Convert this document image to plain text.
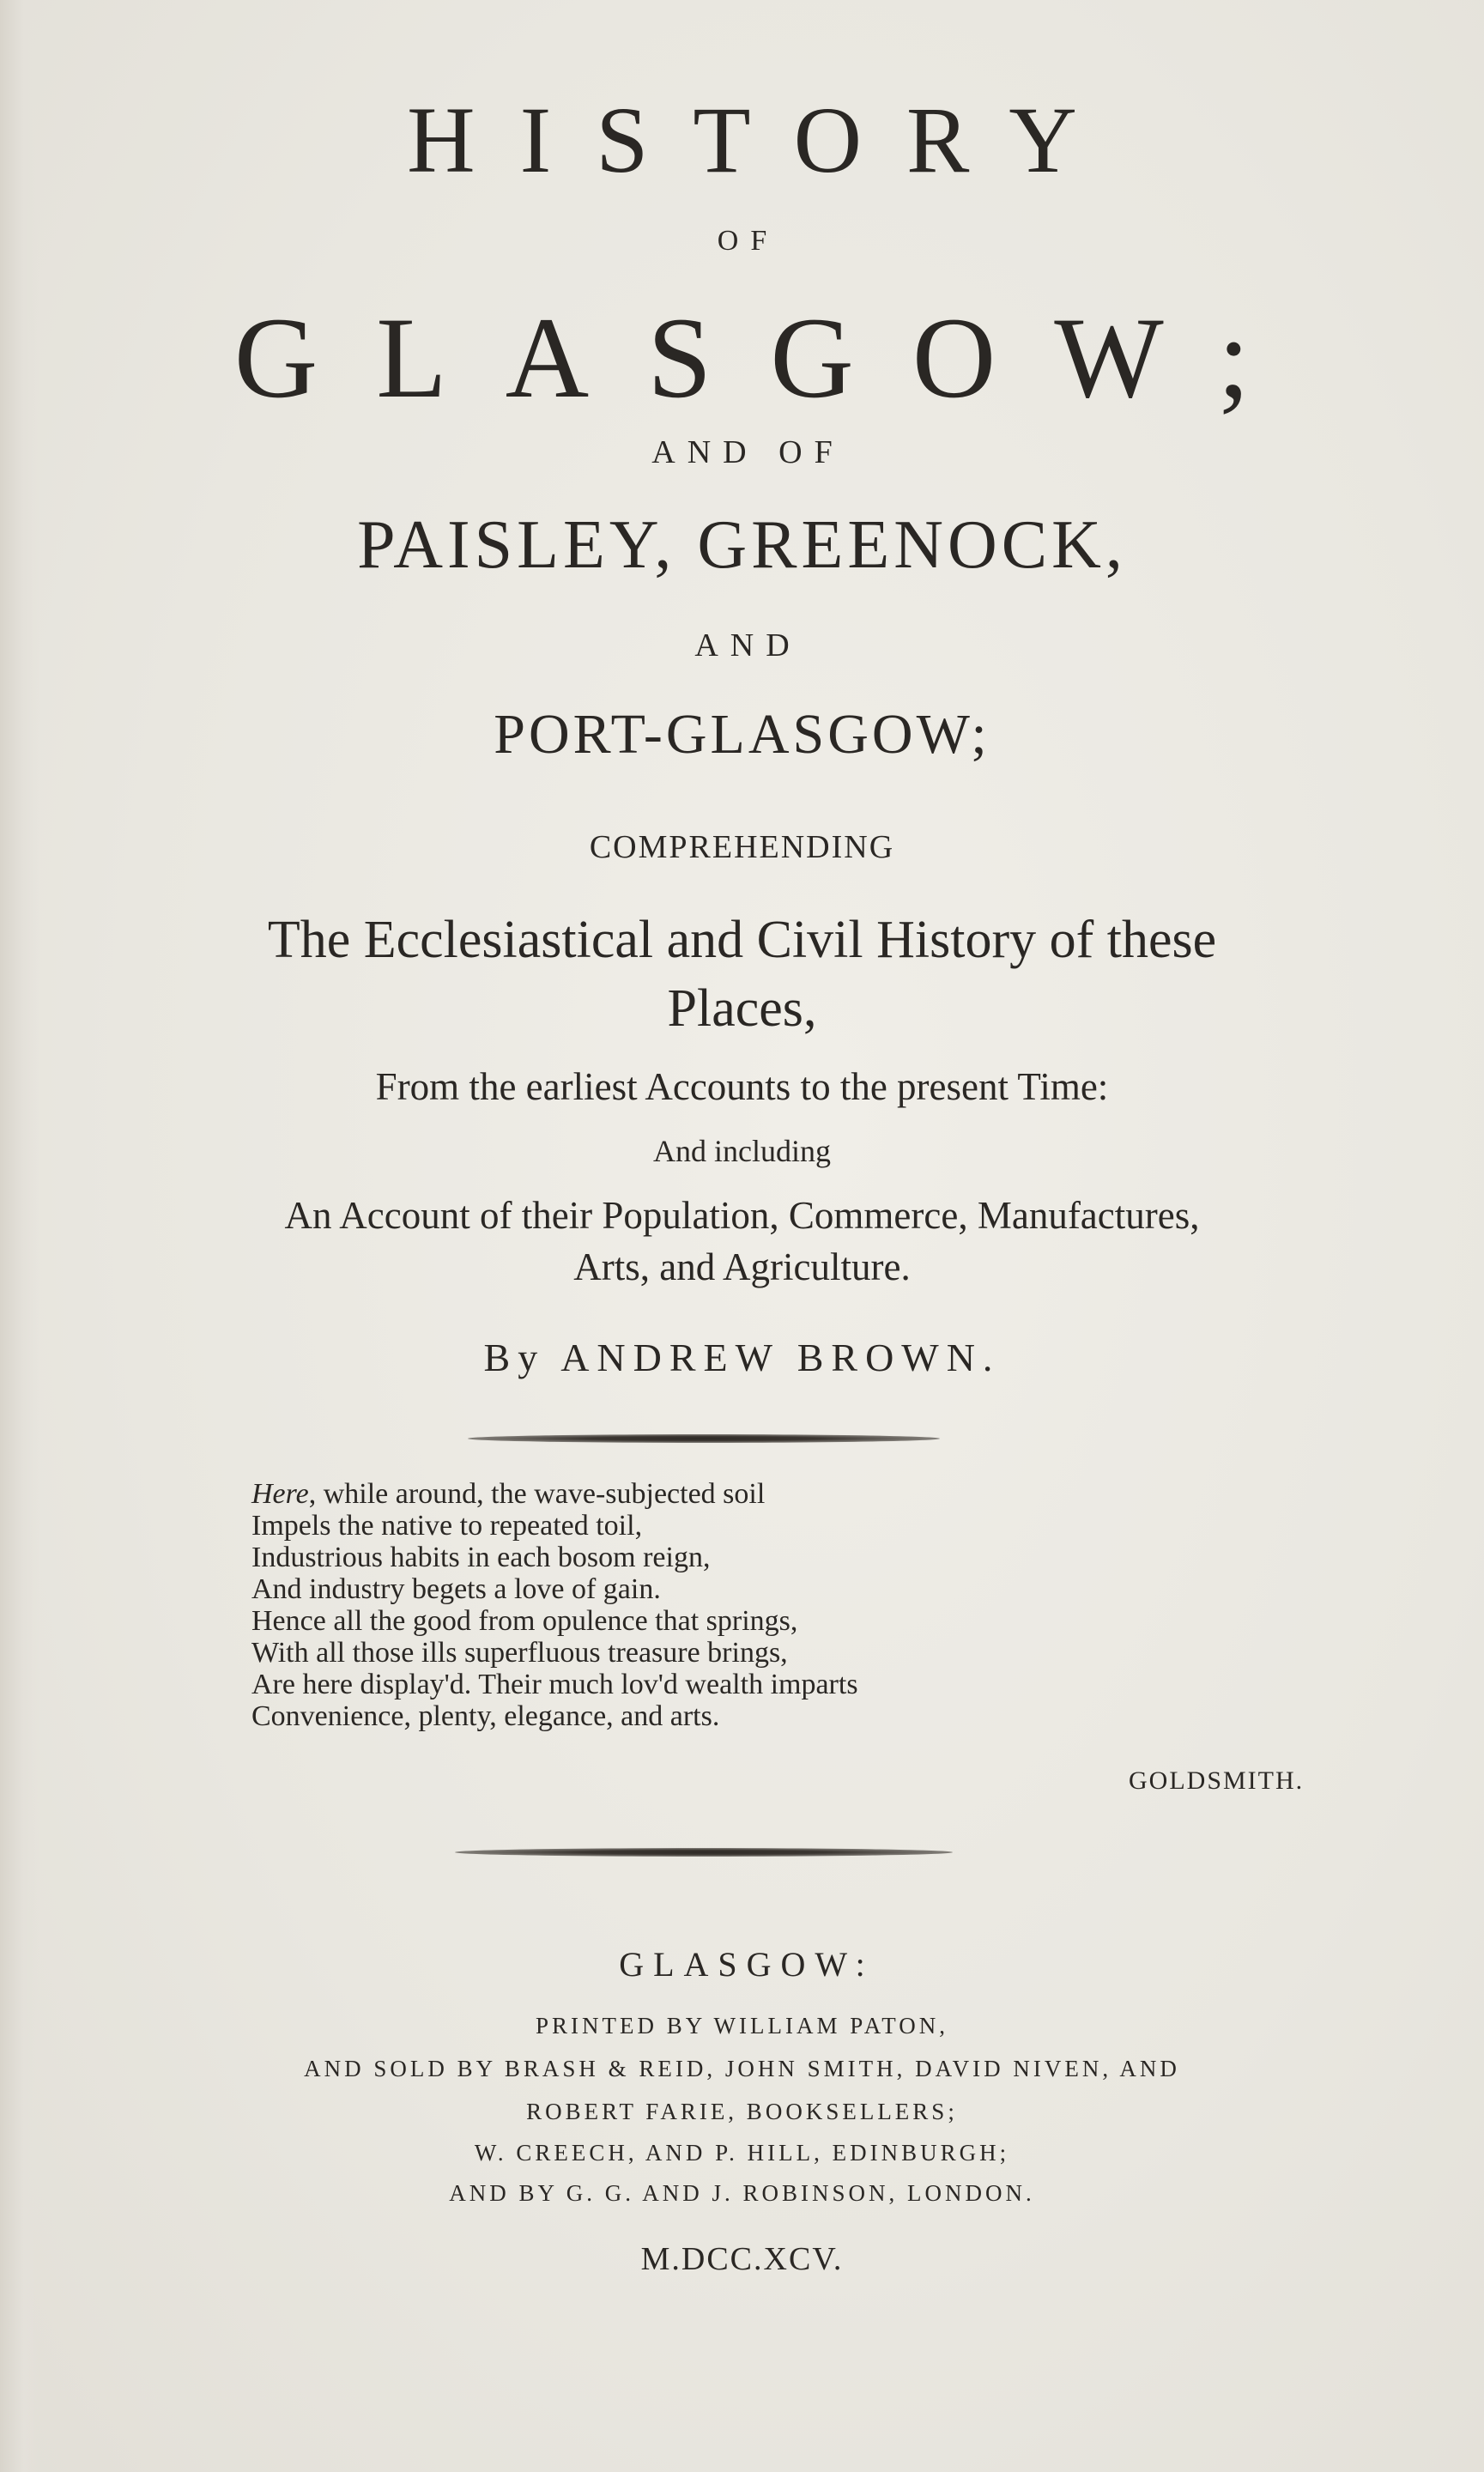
HISTORY

OF

GLASGOW;

AND OF

PAISLEY, GREENOCK,

AND

PORT-GLASGOW;

COMPREHENDING

The Ecclesiastical and Civil History of these

Places,

From the earliest Accounts to the present Time:

And including

An Account of their Population, Commerce, Manufactures,

Arts, and Agriculture.

By ANDREW BROWN.

Here, while around, the wave-subjected soil
Impels the native to repeated toil,
Industrious habits in each bosom reign,
And industry begets a love of gain.
Hence all the good from opulence that springs,
With all those ills superfluous treasure brings,
Are here display'd. Their much lov'd wealth imparts
Convenience, plenty, elegance, and arts.
GOLDSMITH.

GLASGOW:

PRINTED BY WILLIAM PATON,

AND SOLD BY BRASH & REID, JOHN SMITH, DAVID NIVEN, AND

ROBERT FARIE, BOOKSELLERS;

W. CREECH, AND P. HILL, EDINBURGH;

AND BY G. G. AND J. ROBINSON, LONDON.

M.DCC.XCV.
